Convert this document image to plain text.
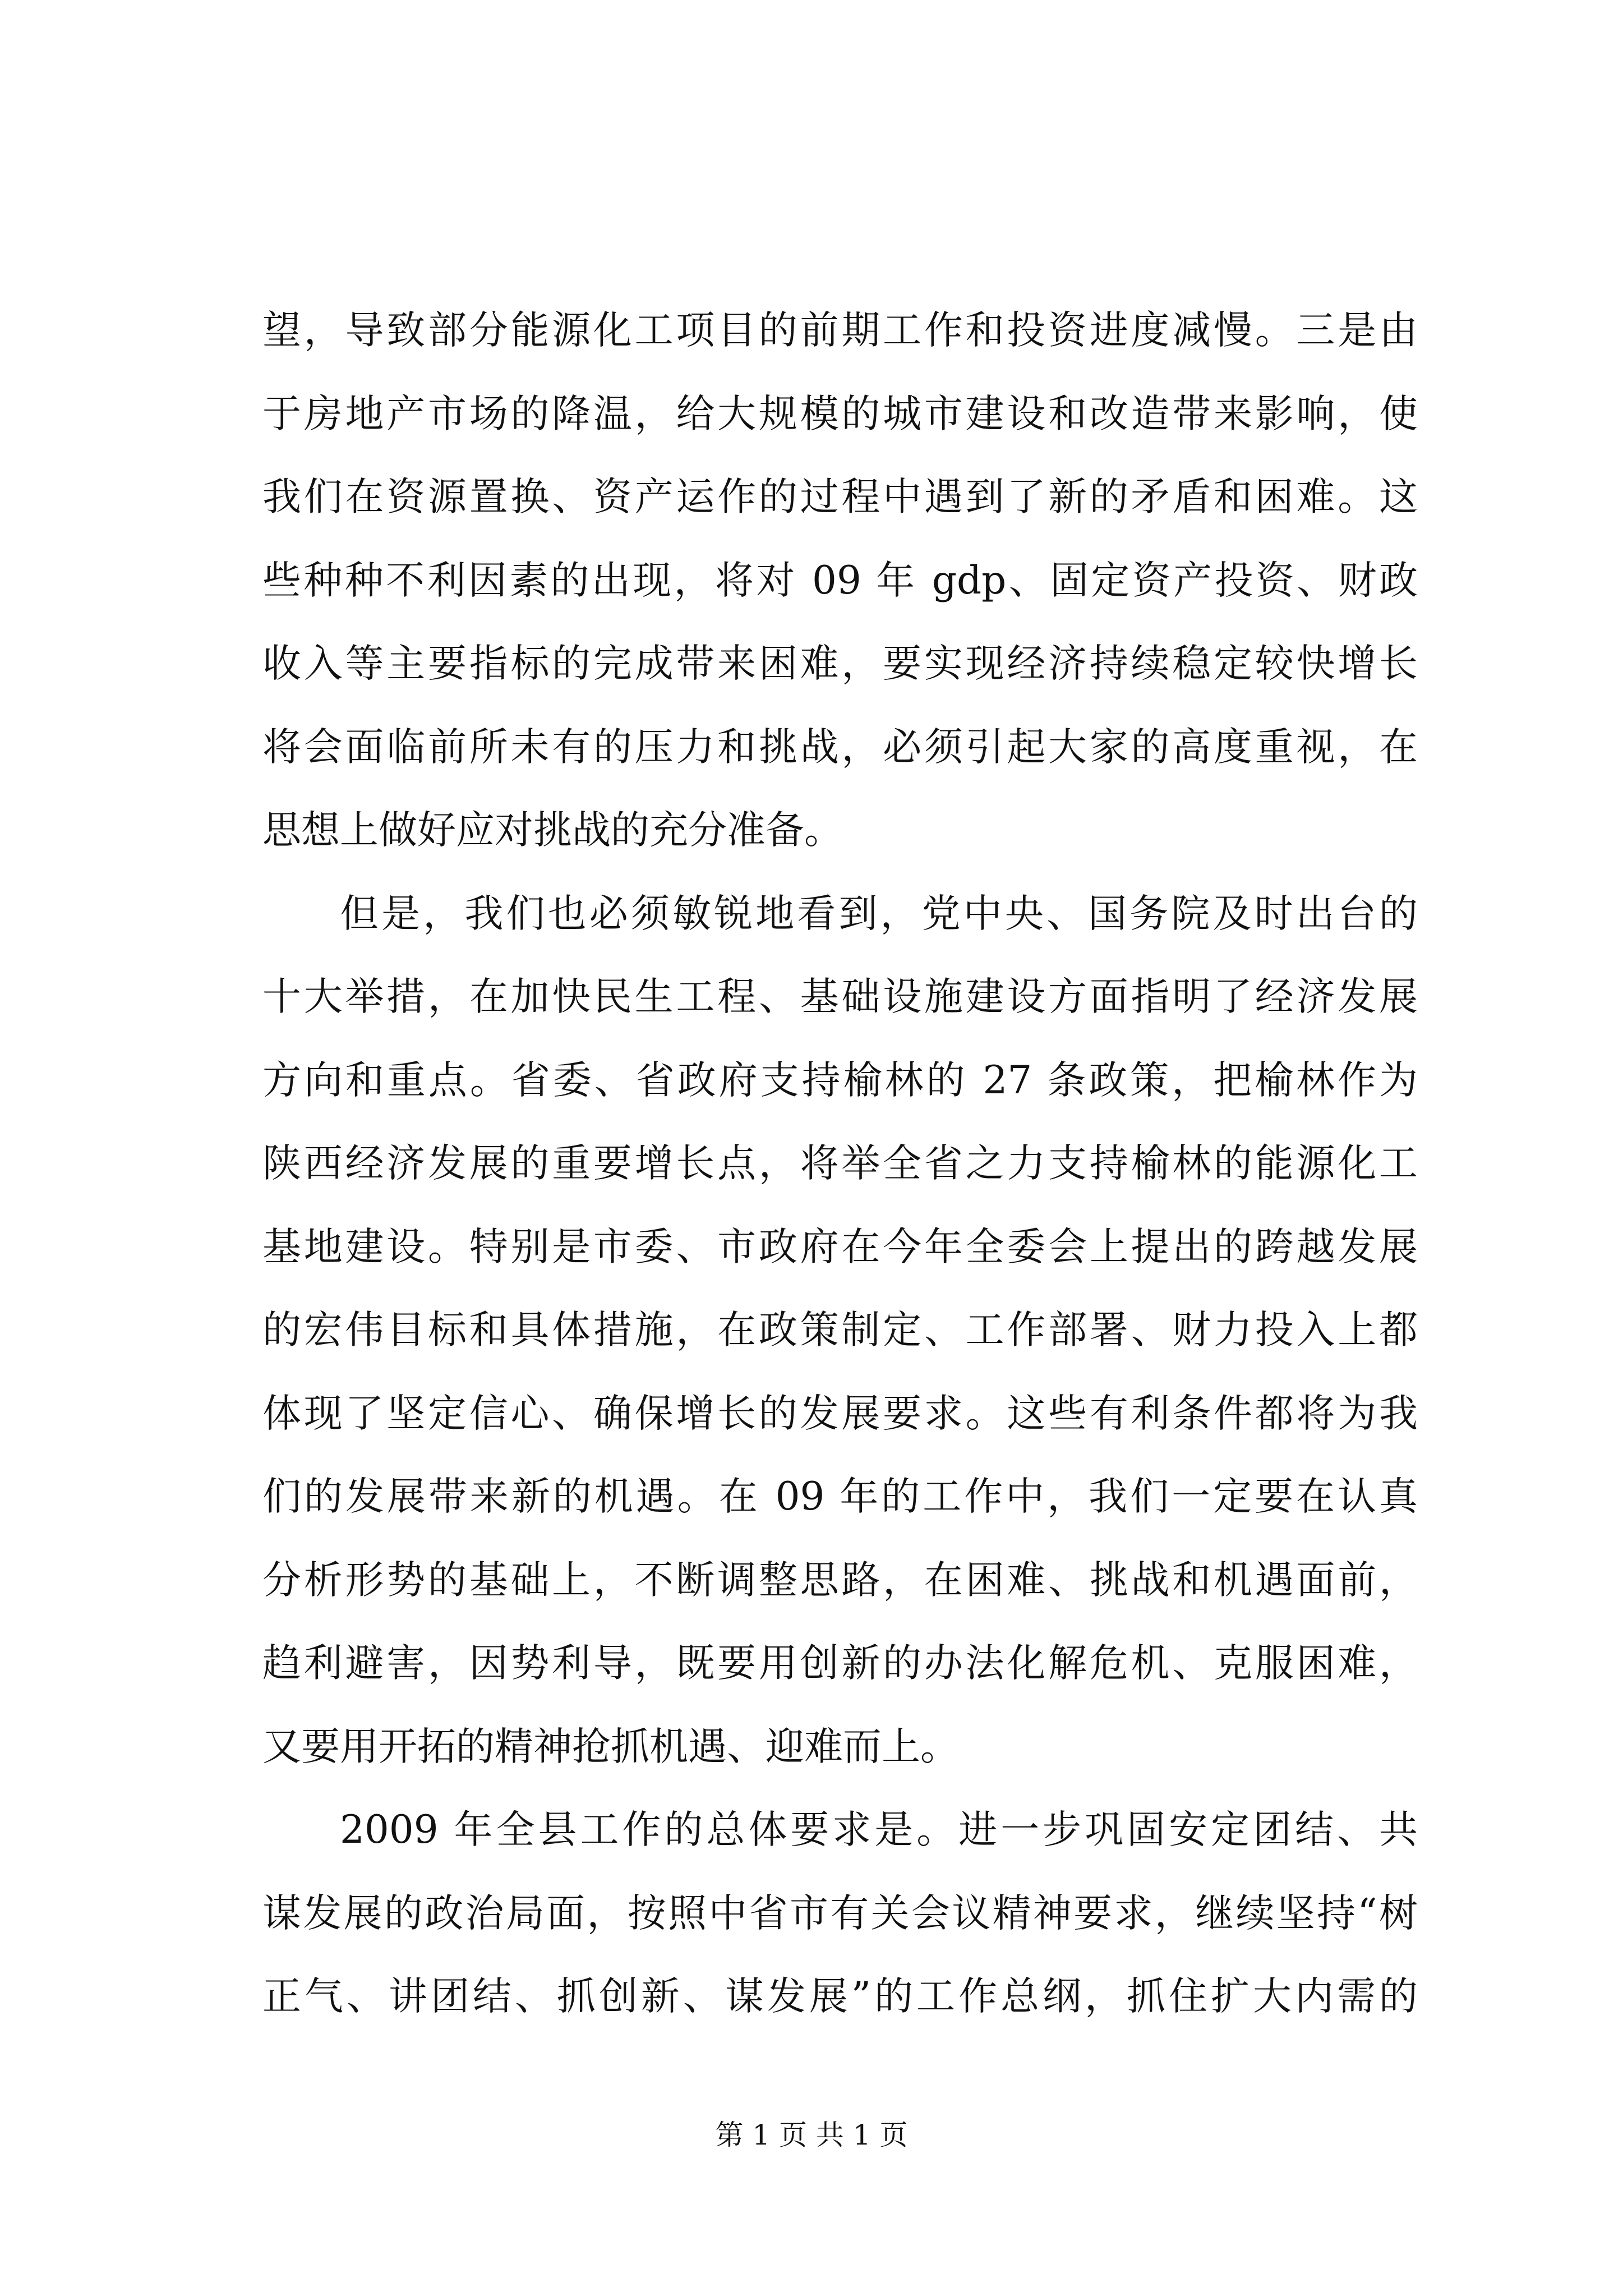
望，导致部分能源化工项目的前期工作和投资进度减慢。三是由
于房地产市场的降温，给大规模的城市建设和改造带来影响，使
我们在资源置换、资产运作的过程中遇到了新的矛盾和困难。这
些种种不利因素的出现，将对 09 年 gdp、固定资产投资、财政
收入等主要指标的完成带来困难，要实现经济持续稳定较快增长
将会面临前所未有的压力和挑战，必须引起大家的高度重视，在
思想上做好应对挑战的充分准备。
但是，我们也必须敏锐地看到，党中央、国务院及时出台的
十大举措，在加快民生工程、基础设施建设方面指明了经济发展
方向和重点。省委、省政府支持榆林的 27 条政策，把榆林作为
陕西经济发展的重要增长点，将举全省之力支持榆林的能源化工
基地建设。特别是市委、市政府在今年全委会上提出的跨越发展
的宏伟目标和具体措施，在政策制定、工作部署、财力投入上都
体现了坚定信心、确保增长的发展要求。这些有利条件都将为我
们的发展带来新的机遇。在 09 年的工作中，我们一定要在认真
分析形势的基础上，不断调整思路，在困难、挑战和机遇面前，
趋利避害，因势利导，既要用创新的办法化解危机、克服困难，
又要用开拓的精神抢抓机遇、迎难而上。
2009 年全县工作的总体要求是。进一步巩固安定团结、共
谋发展的政治局面，按照中省市有关会议精神要求，继续坚持“树
正气、讲团结、抓创新、谋发展”的工作总纲，抓住扩大内需的
第 1 页 共 1 页
